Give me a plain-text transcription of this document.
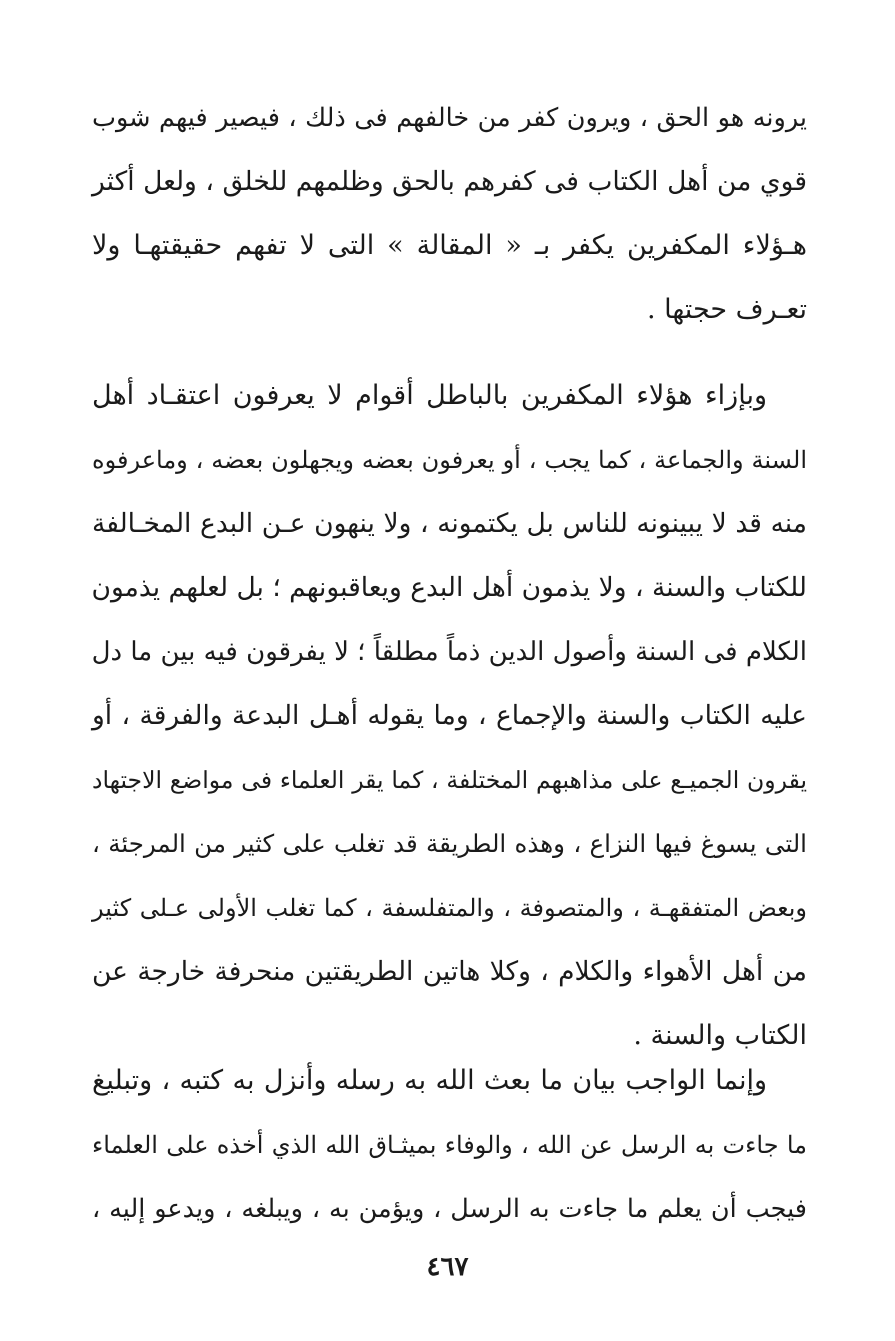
يرونه هو الحق ، ويرون كفر من خالفهم فى ذلك ، فيصير فيهم شوب
قوي من أهل الكتاب فى كفرهم بالحق وظلمهم للخلق ، ولعل أكثر
هـؤلاء المكفرين يكفر بـ « المقالة » التى لا تفهم حقيقتهـا ولا
تعـرف حجتها .
وبإزاء هؤلاء المكفرين بالباطل أقوام لا يعرفون اعتقـاد أهل
السنة والجماعة ، كما يجب ، أو يعرفون بعضه ويجهلون بعضه ، وماعرفوه
منه قد لا يبينونه للناس بل يكتمونه ، ولا ينهون عـن البدع المخـالفة
للكتاب والسنة ، ولا يذمون أهل البدع ويعاقبونهم ؛ بل لعلهم يذمون
الكلام فى السنة وأصول الدين ذماً مطلقاً ؛ لا يفرقون فيه بين ما دل
عليه الكتاب والسنة والإجماع ، وما يقوله أهـل البدعة والفرقة ، أو
يقرون الجميـع على مذاهبهم المختلفة ، كما يقر العلماء فى مواضع الاجتهاد
التى يسوغ فيها النزاع ، وهذه الطريقة قد تغلب على كثير من المرجئة ،
وبعض المتفقهـة ، والمتصوفة ، والمتفلسفة ، كما تغلب الأولى عـلى كثير
من أهل الأهواء والكلام ، وكلا هاتين الطريقتين منحرفة خارجة عن
الكتاب والسنة .
وإنما الواجب بيان ما بعث الله به رسله وأنزل به كتبه ، وتبليغ
ما جاءت به الرسل عن الله ، والوفاء بميثـاق الله الذي أخذه على العلماء
فيجب أن يعلم ما جاءت به الرسل ، ويؤمن به ، ويبلغه ، ويدعو إليه ،
٤٦٧
